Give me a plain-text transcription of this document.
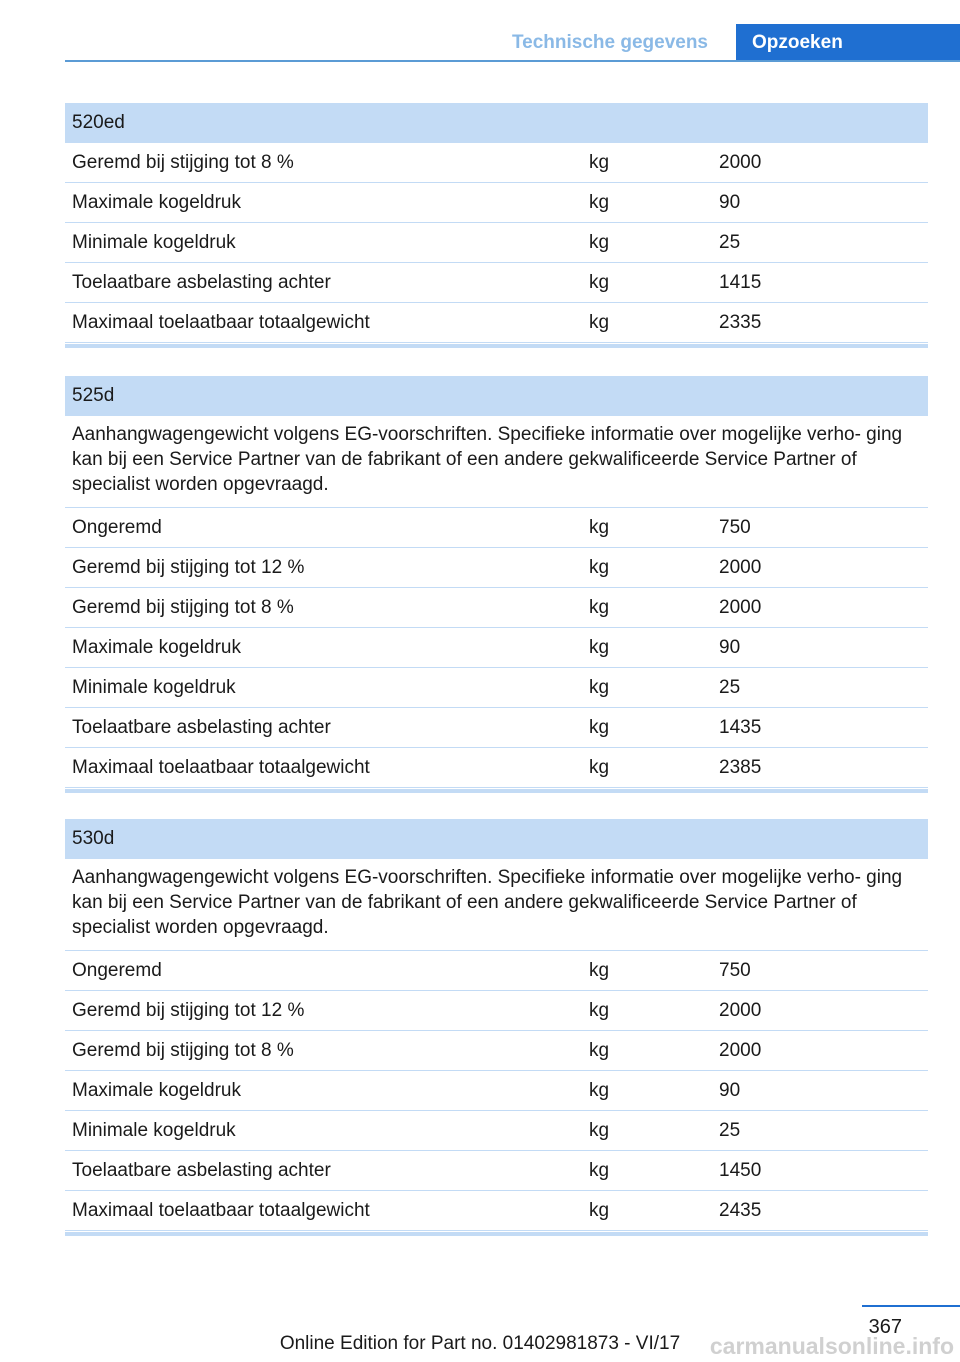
Technische gegevens	Opzoeken
520ed
Geremd bij stijging tot 8 %	kg	2000
Maximale kogeldruk	kg	90
Minimale kogeldruk	kg	25
Toelaatbare asbelasting achter	kg	1415
Maximaal toelaatbaar totaalgewicht	kg	2335
525d
Aanhangwagengewicht volgens EG-voorschriften. Specifieke informatie over mogelijke verho- ging kan bij een Service Partner van de fabrikant of een andere gekwalificeerde Service Partner of specialist worden opgevraagd.
Ongeremd	kg	750
Geremd bij stijging tot 12 %	kg	2000
Geremd bij stijging tot 8 %	kg	2000
Maximale kogeldruk	kg	90
Minimale kogeldruk	kg	25
Toelaatbare asbelasting achter	kg	1435
Maximaal toelaatbaar totaalgewicht	kg	2385
530d
Aanhangwagengewicht volgens EG-voorschriften. Specifieke informatie over mogelijke verho- ging kan bij een Service Partner van de fabrikant of een andere gekwalificeerde Service Partner of specialist worden opgevraagd.
Ongeremd	kg	750
Geremd bij stijging tot 12 %	kg	2000
Geremd bij stijging tot 8 %	kg	2000
Maximale kogeldruk	kg	90
Minimale kogeldruk	kg	25
Toelaatbare asbelasting achter	kg	1450
Maximaal toelaatbaar totaalgewicht	kg	2435
367
Online Edition for Part no. 01402981873 - VI/17	carmanualsonline.info
